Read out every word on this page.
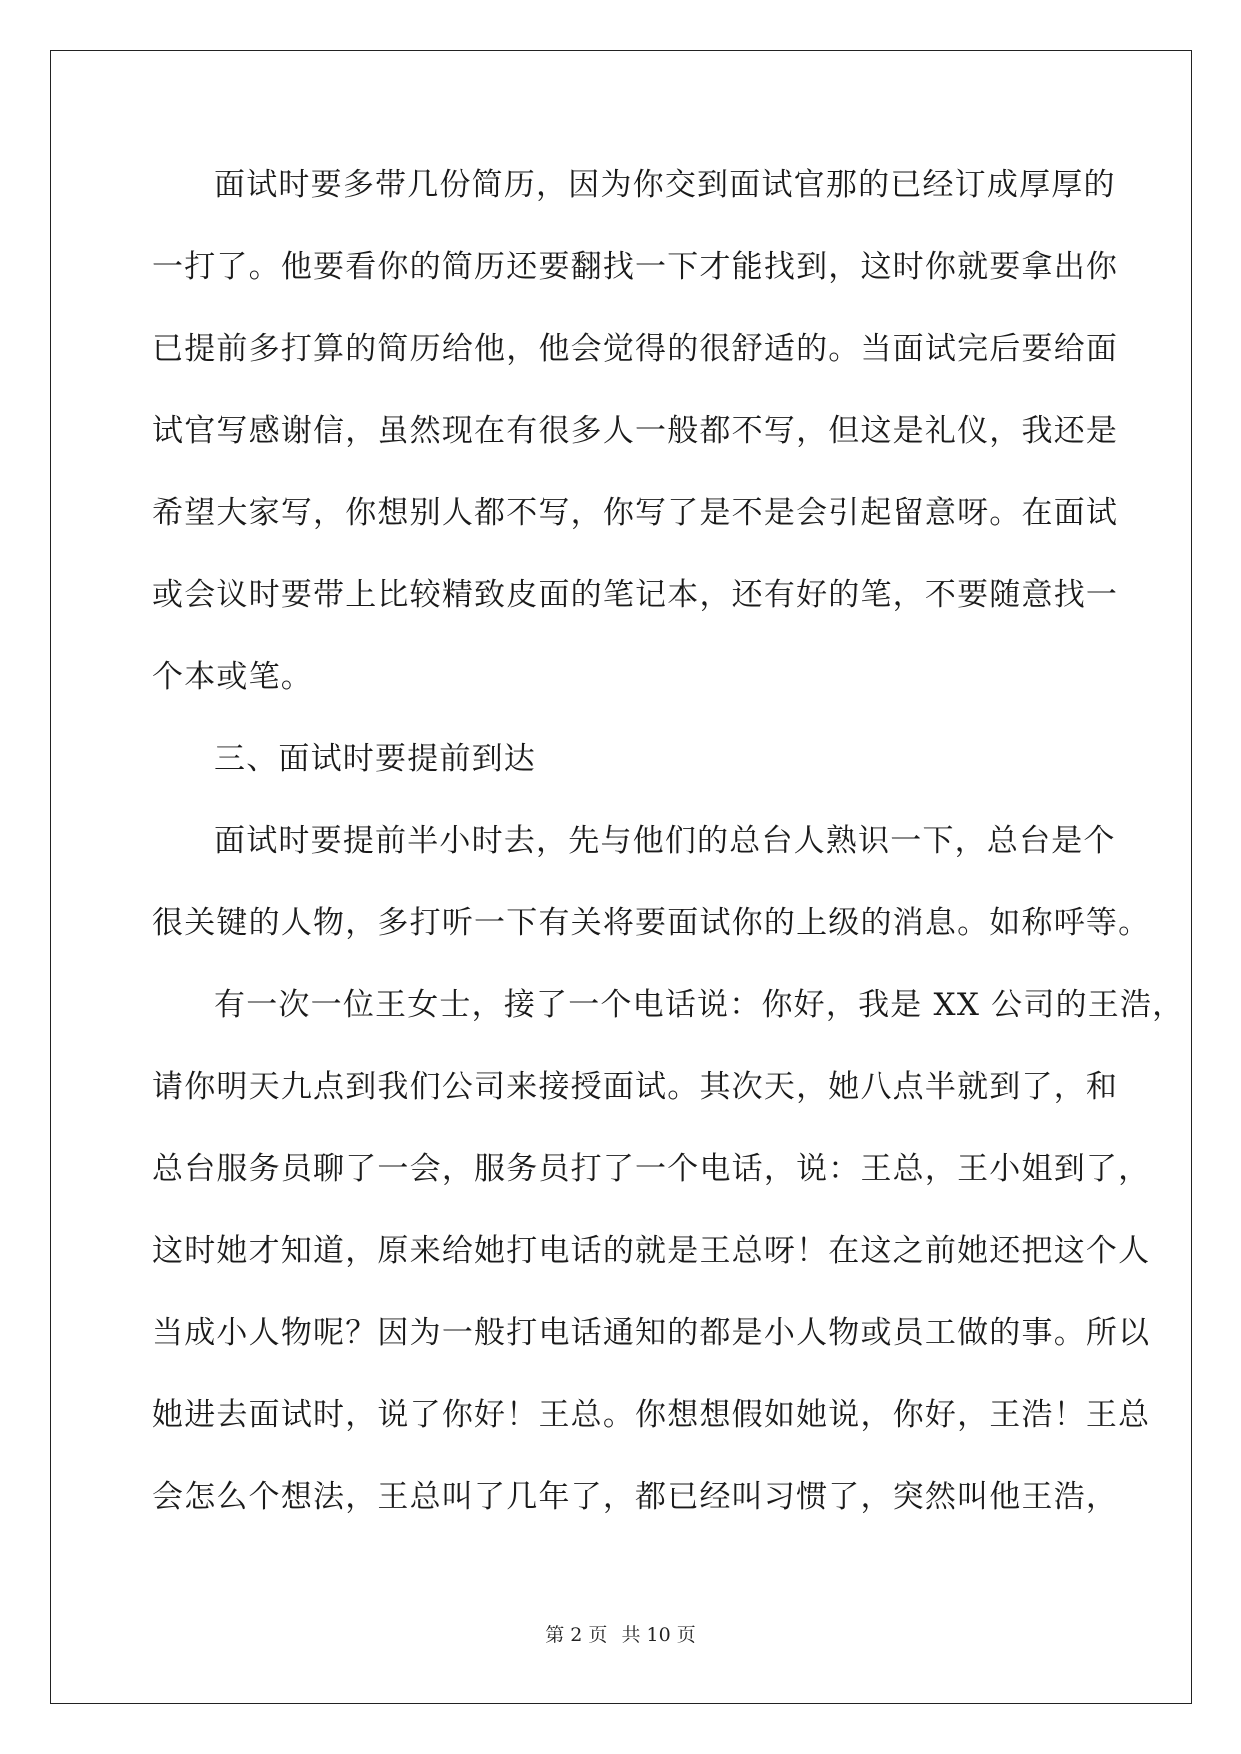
面 试 时 要 多 带 几 份 简 历 ， 因 为 你 交 到 面 试 官 那 的 已 经 订 成 厚 厚 的
一 打 了 。 他 要 看 你 的 简 历 还 要 翻 找 一 下 才 能 找 到 ， 这 时 你 就 要 拿 出 你
已 提 前 多 打 算 的 简 历 给 他 ， 他 会 觉 得 的 很 舒 适 的 。 当 面 试 完 后 要 给 面
试 官 写 感 谢 信 ， 虽 然 现 在 有 很 多 人 一 般 都 不 写 ， 但 这 是 礼 仪 ， 我 还 是
希 望 大 家 写 ， 你 想 别 人 都 不 写 ， 你 写 了 是 不 是 会 引 起 留 意 呀 。 在 面 试
或 会 议 时 要 带 上 比 较 精 致 皮 面 的 笔 记 本 ， 还 有 好 的 笔 ， 不 要 随 意 找 一
个本或笔。
三、面试时要提前到达
面 试 时 要 提 前 半 小 时 去 ， 先 与 他 们 的 总 台 人 熟 识 一 下 ， 总 台 是 个
很 关 键 的 人 物 ， 多 打 听 一 下 有 关 将 要 面 试 你 的 上 级 的 消 息 。 如 称 呼 等 。
有 一 次 一 位 王 女 士 ， 接 了 一 个 电 话 说 ： 你 好 ， 我 是
X X
公 司 的 王 浩 ，
请 你 明 天 九 点 到 我 们 公 司 来 接 授 面 试 。 其 次 天 ， 她 八 点 半 就 到 了 ， 和
总 台 服 务 员 聊 了 一 会 ， 服 务 员 打 了 一 个 电 话 ， 说 ： 王 总 ， 王 小 姐 到 了 ，
这 时 她 才 知 道 ， 原 来 给 她 打 电 话 的 就 是 王 总 呀 ！ 在 这 之 前 她 还 把 这 个 人
当 成 小 人 物 呢 ？ 因 为 一 般 打 电 话 通 知 的 都 是 小 人 物 或 员 工 做 的 事 。 所 以
她 进 去 面 试 时 ， 说 了 你 好 ！ 王 总 。 你 想 想 假 如 她 说 ， 你 好 ， 王 浩 ！ 王 总
会 怎 么 个 想 法 ， 王 总 叫 了 几 年 了 ， 都 已 经 叫 习 惯 了 ， 突 然 叫 他 王 浩 ，
第 2 页 共 10 页
